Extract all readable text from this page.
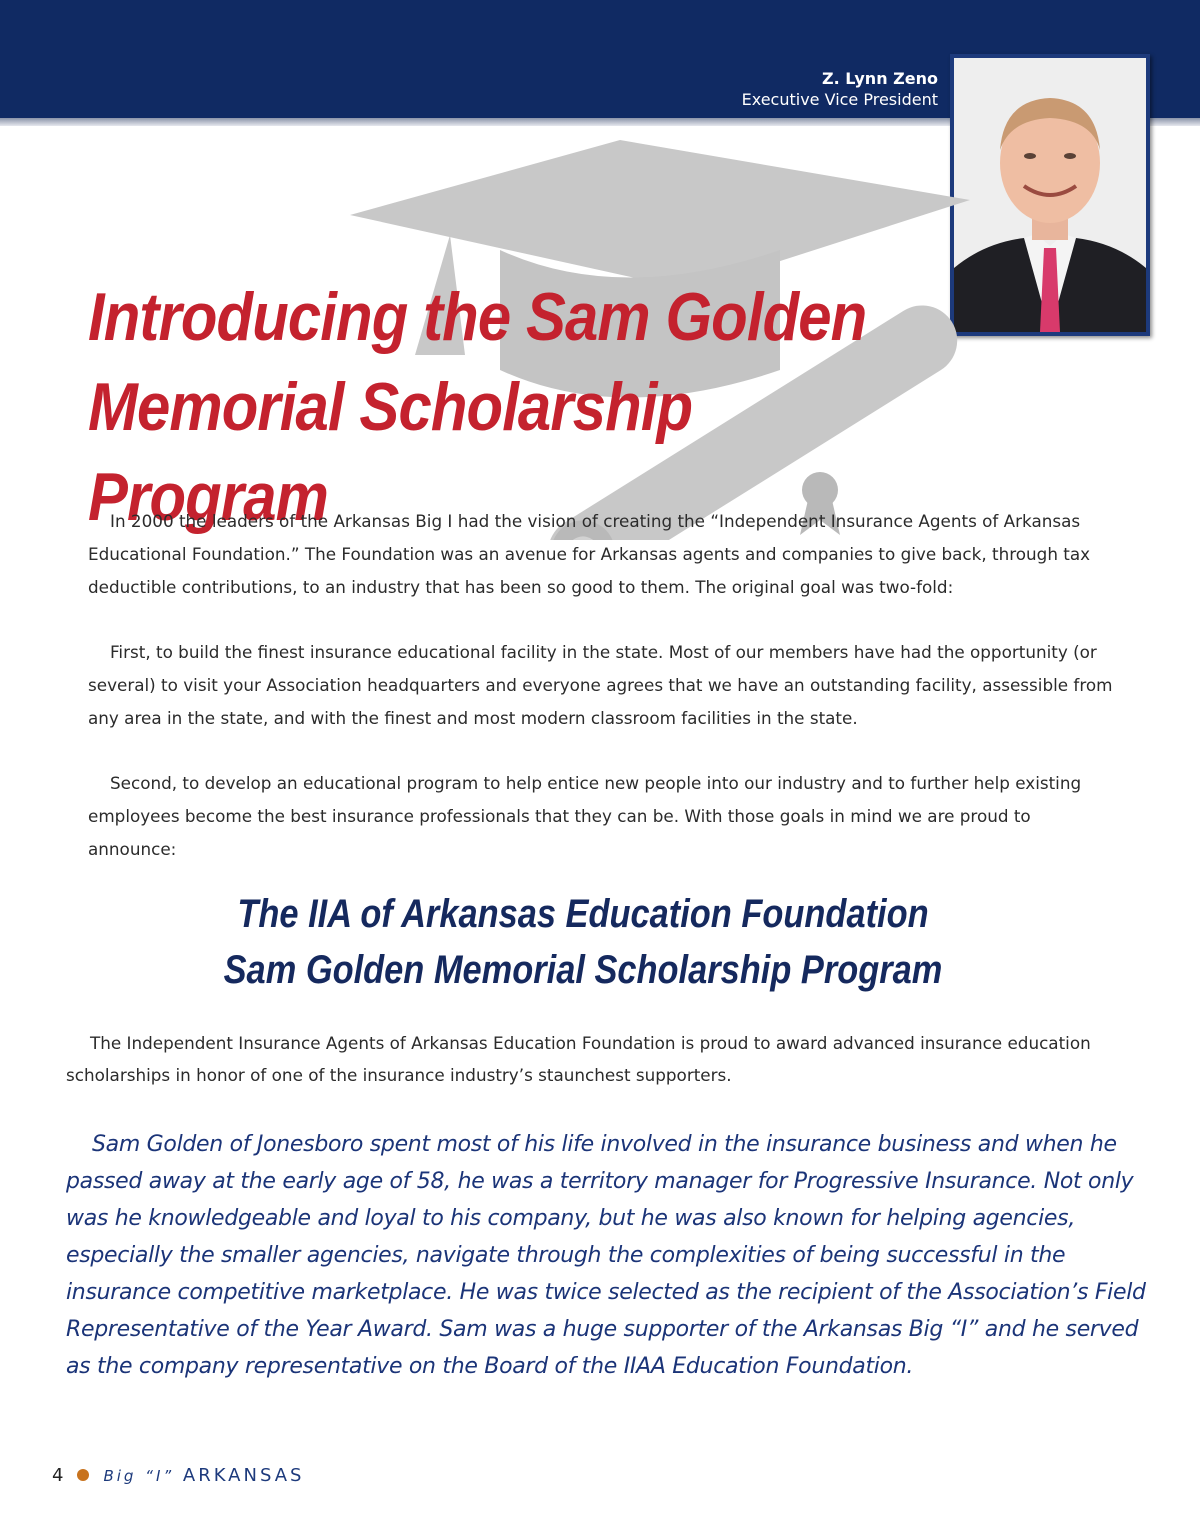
Z. Lynn Zeno
Executive Vice President
Introducing the Sam Golden
Memorial Scholarship Program

In 2000 the leaders of the Arkansas Big I had the vision of creating the “Independent Insurance Agents of Arkansas Educational Foundation.” The Foundation was an avenue for Arkansas agents and companies to give back, through tax deductible contributions, to an industry that has been so good to them. The original goal was two-fold:

First, to build the finest insurance educational facility in the state. Most of our members have had the opportunity (or several) to visit your Association headquarters and everyone agrees that we have an outstanding facility, assessible from any area in the state, and with the finest and most modern classroom facilities in the state.

Second, to develop an educational program to help entice new people into our industry and to further help existing employees become the best insurance professionals that they can be. With those goals in mind we are proud to announce:

The IIA of Arkansas Education Foundation
Sam Golden Memorial Scholarship Program

The Independent Insurance Agents of Arkansas Education Foundation is proud to award advanced insurance education scholarships in honor of one of the insurance industry’s staunchest supporters.

Sam Golden of Jonesboro spent most of his life involved in the insurance business and when he passed away at the early age of 58, he was a territory manager for Progressive Insurance. Not only was he knowledgeable and loyal to his company, but he was also known for helping agencies, especially the smaller agencies, navigate through the complexities of being successful in the insurance competitive marketplace. He was twice selected as the recipient of the Association’s Field Representative of the Year Award. Sam was a huge supporter of the Arkansas Big “I” and he served as the company representative on the Board of the IIAA Education Foundation.

4	Big “I” ARKANSAS
